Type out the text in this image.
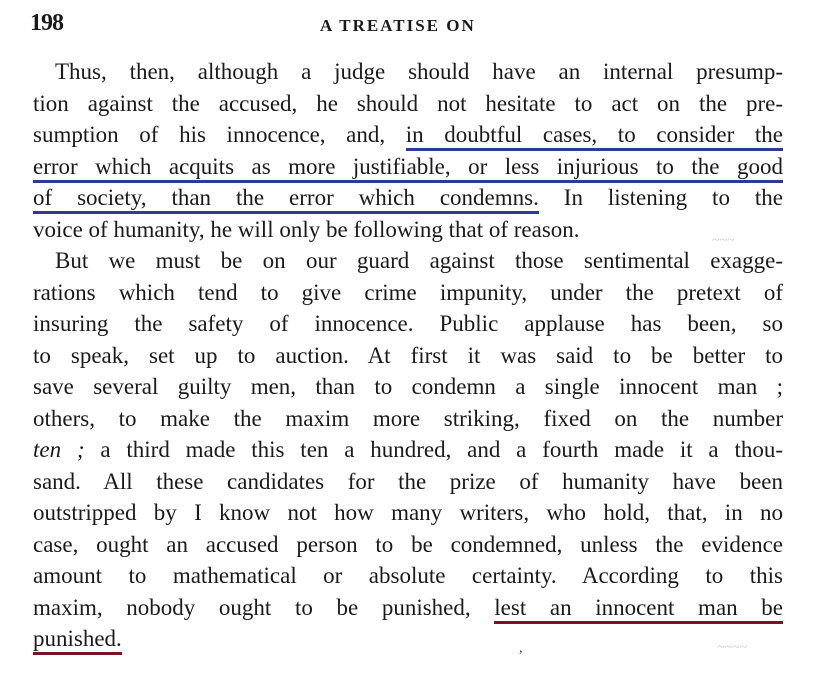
198	A TREATISE ON
Thus, then, although a judge should have an internal presump-
tion against the accused, he should not hesitate to act on the pre-
sumption of his innocence, and, in doubtful cases, to consider the
error which acquits as more justifiable, or less injurious to the good
of society, than the error which condemns. In listening to the
voice of humanity, he will only be following that of reason.
But we must be on our guard against those sentimental exagge-
rations which tend to give crime impunity, under the pretext of
insuring the safety of innocence. Public applause has been, so
to speak, set up to auction. At first it was said to be better to
save several guilty men, than to condemn a single innocent man ;
others, to make the maxim more striking, fixed on the number
ten ; a third made this ten a hundred, and a fourth made it a thou-
sand. All these candidates for the prize of humanity have been
outstripped by I know not how many writers, who hold, that, in no
case, ought an accused person to be condemned, unless the evidence
amount to mathematical or absolute certainty. According to this
maxim, nobody ought to be punished, lest an innocent man be
punished.
~~~
,	~~~~
